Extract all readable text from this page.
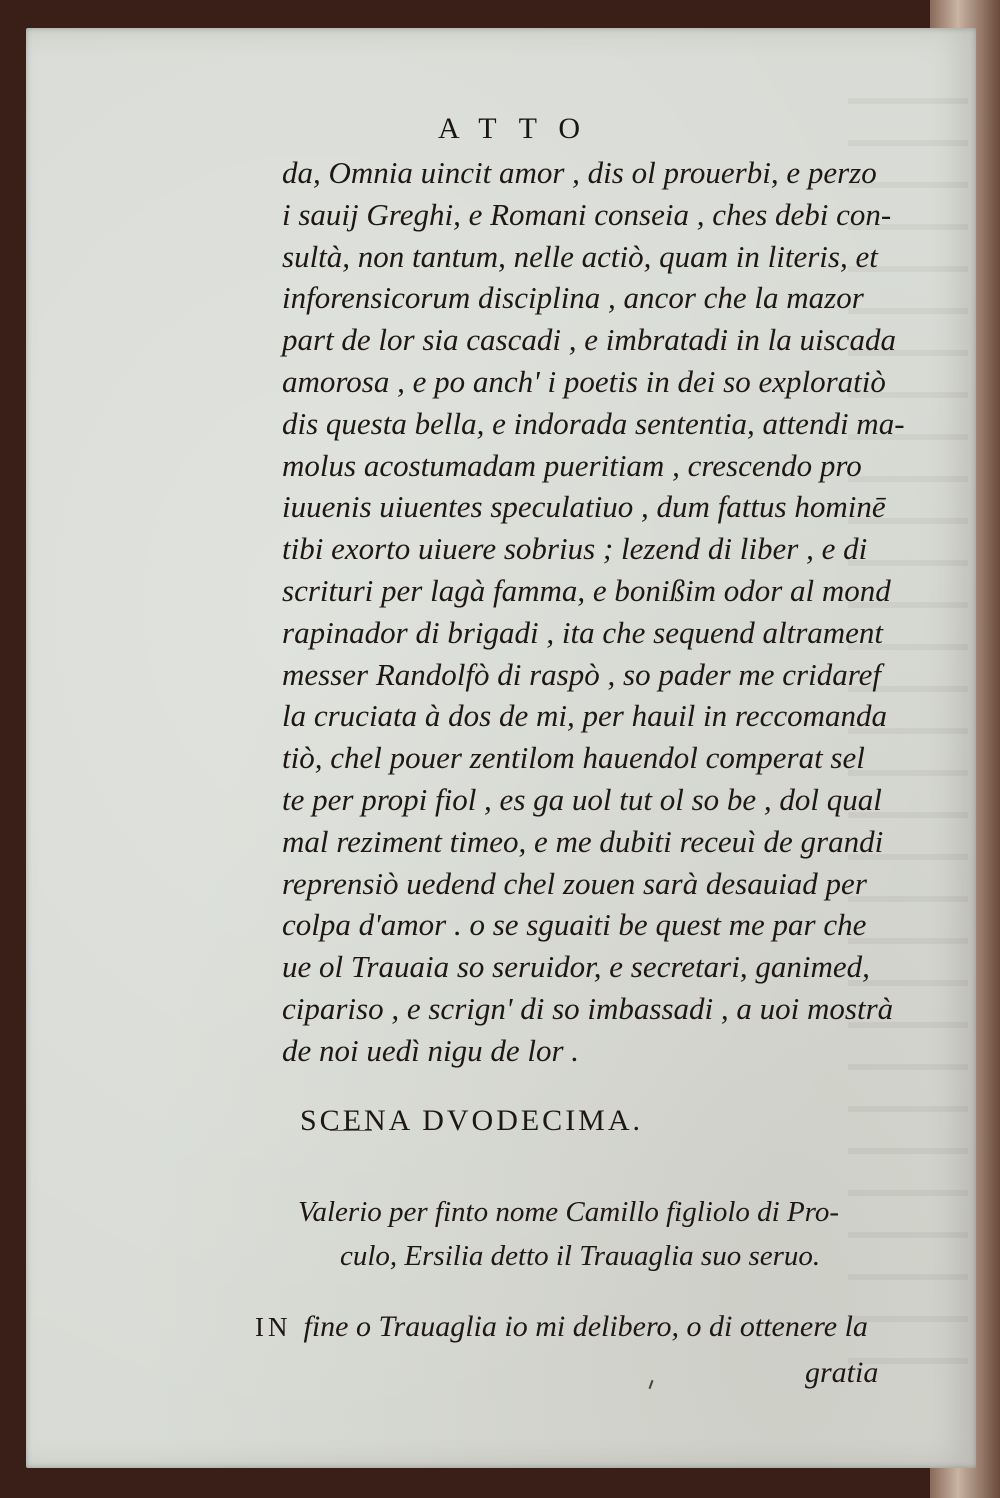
ATTO
da, Omnia uincit amor , dis ol prouerbi, e perzo
i sauij Greghi, e Romani conseia , ches debi con-
sultà, non tantum, nelle actiò, quam in literis, et
inforensicorum disciplina , ancor che la mazor
part de lor sia cascadi , e imbratadi in la uiscada
amorosa , e po anch' i poetis in dei so exploratiò
dis questa bella, e indorada sententia, attendi ma-
molus acostumadam pueritiam , crescendo pro
iuuenis uiuentes speculatiuo , dum fattus hominē
tibi exorto uiuere sobrius ; lezend di liber , e di
scrituri per lagà famma, e bonißim odor al mond
rapinador di brigadi , ita che sequend altrament
messer Randolfò di raspò , so pader me cridaref
la cruciata à dos de mi, per hauil in reccomanda
tiò, chel pouer zentilom hauendol comperat sel
te per propi fiol , es ga uol tut ol so be , dol qual
mal reziment timeo, e me dubiti receuì de grandi
reprensiò uedend chel zouen sarà desauiad per
colpa d'amor . o se sguaiti be quest me par che
ue ol Trauaia so seruidor, e secretari, ganimed,
cipariso , e scrign' di so imbassadi , a uoi mostrà
de noi uedì nigu de lor .
SCENA DVODECIMA.
Valerio per finto nome Camillo figliolo di Pro-
culo, Ersilia detto il Trauaglia suo seruo.
IN fine o Trauaglia io mi delibero, o di ottenere la
gratia
